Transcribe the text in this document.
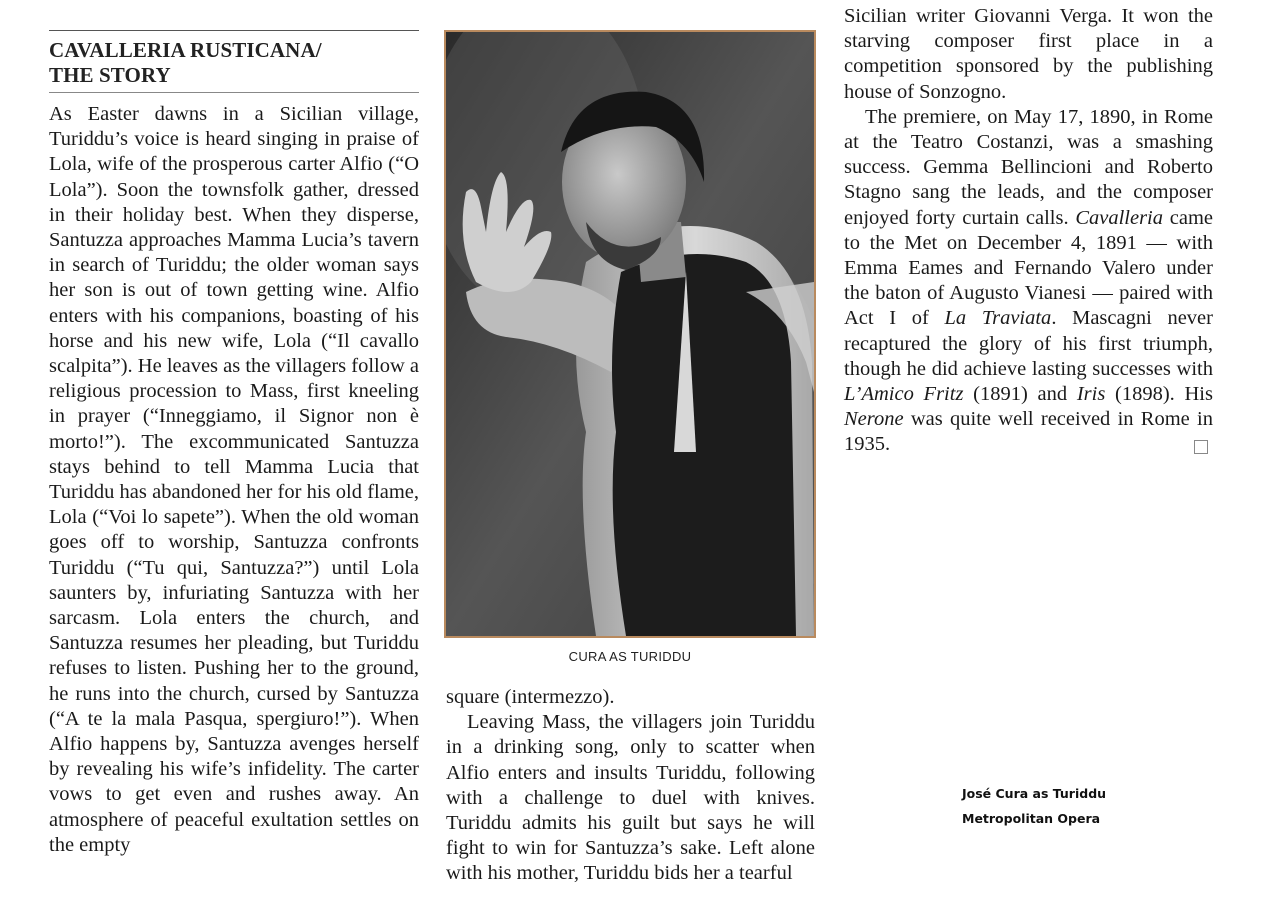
CAVALLERIA RUSTICANA/
THE STORY

As Easter dawns in a Sicilian village, Turiddu’s voice is heard singing in praise of Lola, wife of the prosperous carter Alfio (“O Lola”). Soon the townsfolk gather, dressed in their holiday best. When they disperse, Santuzza approaches Mamma Lucia’s tavern in search of Turiddu; the older woman says her son is out of town getting wine. Alfio enters with his companions, boasting of his horse and his new wife, Lola (“Il cavallo scalpita”). He leaves as the villagers follow a religious procession to Mass, first kneeling in prayer (“Inneggiamo, il Signor non è morto!”). The excommunicated Santuzza stays behind to tell Mamma Lucia that Turiddu has abandoned her for his old flame, Lola (“Voi lo sapete”). When the old woman goes off to worship, Santuzza confronts Turiddu (“Tu qui, Santuzza?”) until Lola saunters by, infuriating Santuzza with her sarcasm. Lola enters the church, and Santuzza resumes her pleading, but Turiddu refuses to listen. Pushing her to the ground, he runs into the church, cursed by Santuzza (“A te la mala Pasqua, spergiuro!”). When Alfio happens by, Santuzza avenges herself by revealing his wife’s infidelity. The carter vows to get even and rushes away. An atmosphere of peaceful exultation settles on the empty

CURA AS TURIDDU

square (intermezzo).

Leaving Mass, the villagers join Turiddu in a drinking song, only to scatter when Alfio enters and insults Turiddu, following with a challenge to duel with knives. Turiddu admits his guilt but says he will fight to win for Santuzza’s sake. Left alone with his mother, Turiddu bids her a tearful

Sicilian writer Giovanni Verga. It won the starving composer first place in a competition sponsored by the publishing house of Sonzogno.

The premiere, on May 17, 1890, in Rome at the Teatro Costanzi, was a smashing success. Gemma Bellincioni and Roberto Stagno sang the leads, and the composer enjoyed forty curtain calls. Cavalleria came to the Met on December 4, 1891 — with Emma Eames and Fernando Valero under the baton of Augusto Vianesi — paired with Act I of La Traviata. Mascagni never recaptured the glory of his first triumph, though he did achieve lasting successes with L’Amico Fritz (1891) and Iris (1898). His Nerone was quite well received in Rome in 1935.

José Cura as Turiddu
Metropolitan Opera
